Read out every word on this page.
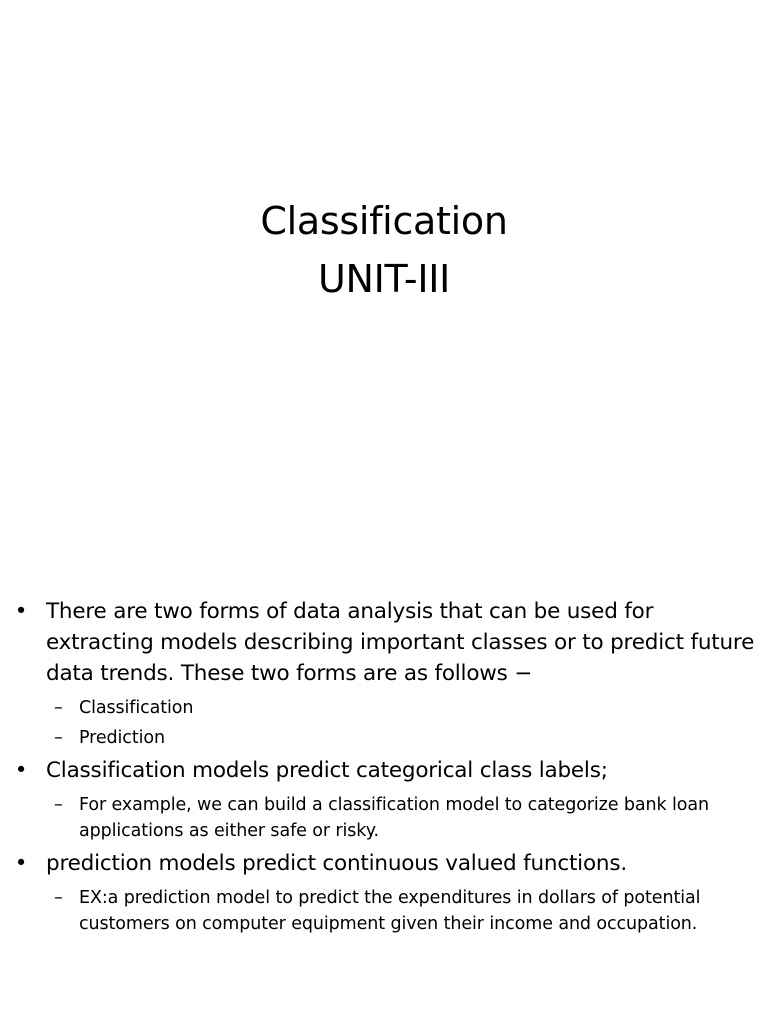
Classification
UNIT-III
• There are two forms of data analysis that can be used for extracting models describing important classes or to predict future data trends. These two forms are as follows −
– Classification
– Prediction
• Classification models predict categorical class labels;
– For example, we can build a classification model to categorize bank loan applications as either safe or risky.
• prediction models predict continuous valued functions.
– EX:a prediction model to predict the expenditures in dollars of potential customers on computer equipment given their income and occupation.
